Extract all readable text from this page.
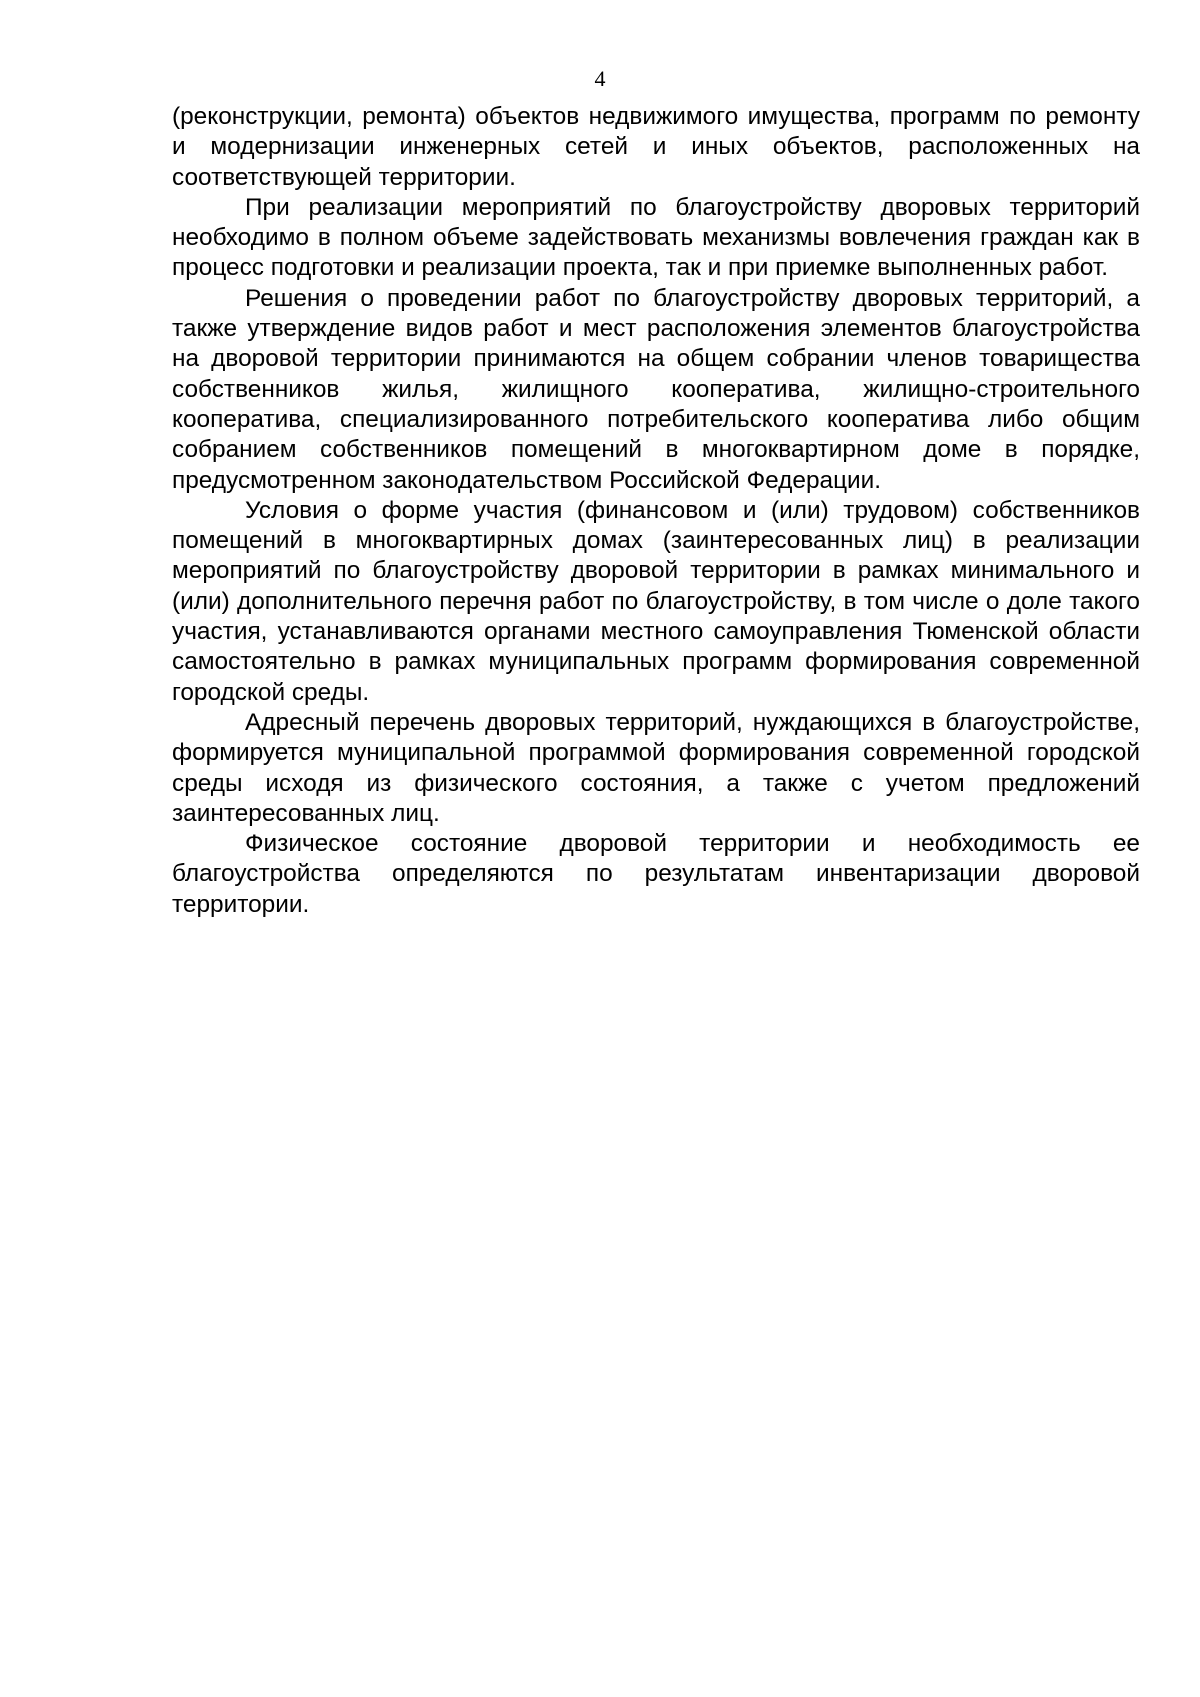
4

(реконструкции, ремонта) объектов недвижимого имущества, программ по ремонту и модернизации инженерных сетей и иных объектов, расположенных на соответствующей территории.

При реализации мероприятий по благоустройству дворовых территорий необходимо в полном объеме задействовать механизмы вовлечения граждан как в процесс подготовки и реализации проекта, так и при приемке выполненных работ.

Решения о проведении работ по благоустройству дворовых территорий, а также утверждение видов работ и мест расположения элементов благоустройства на дворовой территории принимаются на общем собрании членов товарищества собственников жилья, жилищного кооператива, жилищно-строительного кооператива, специализированного потребительского кооператива либо общим собранием собственников помещений в многоквартирном доме в порядке, предусмотренном законодательством Российской Федерации.

Условия о форме участия (финансовом и (или) трудовом) собственников помещений в многоквартирных домах (заинтересованных лиц) в реализации мероприятий по благоустройству дворовой территории в рамках минимального и (или) дополнительного перечня работ по благоустройству, в том числе о доле такого участия, устанавливаются органами местного самоуправления Тюменской области самостоятельно в рамках муниципальных программ формирования современной городской среды.

Адресный перечень дворовых территорий, нуждающихся в благоустройстве, формируется муниципальной программой формирования современной городской среды исходя из физического состояния, а также с учетом предложений заинтересованных лиц.

Физическое состояние дворовой территории и необходимость ее благоустройства определяются по результатам инвентаризации дворовой территории.
